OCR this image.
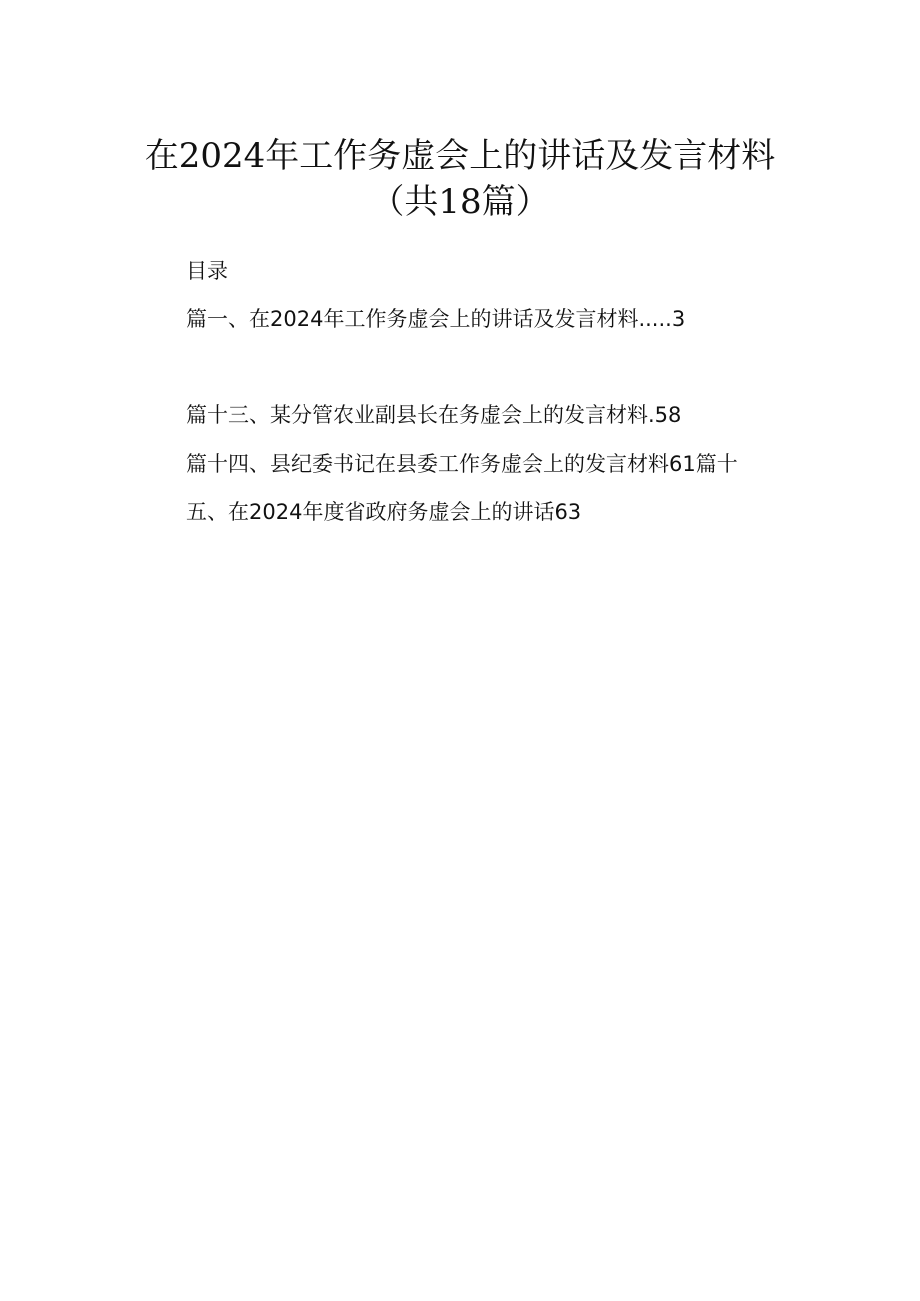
在2024年工作务虚会上的讲话及发言材料
（共18篇）
目录
篇一、在2024年工作务虚会上的讲话及发言材料.....3
篇十三、某分管农业副县长在务虚会上的发言材料.58
篇十四、县纪委书记在县委工作务虚会上的发言材料61篇十
五、在2024年度省政府务虚会上的讲话63
